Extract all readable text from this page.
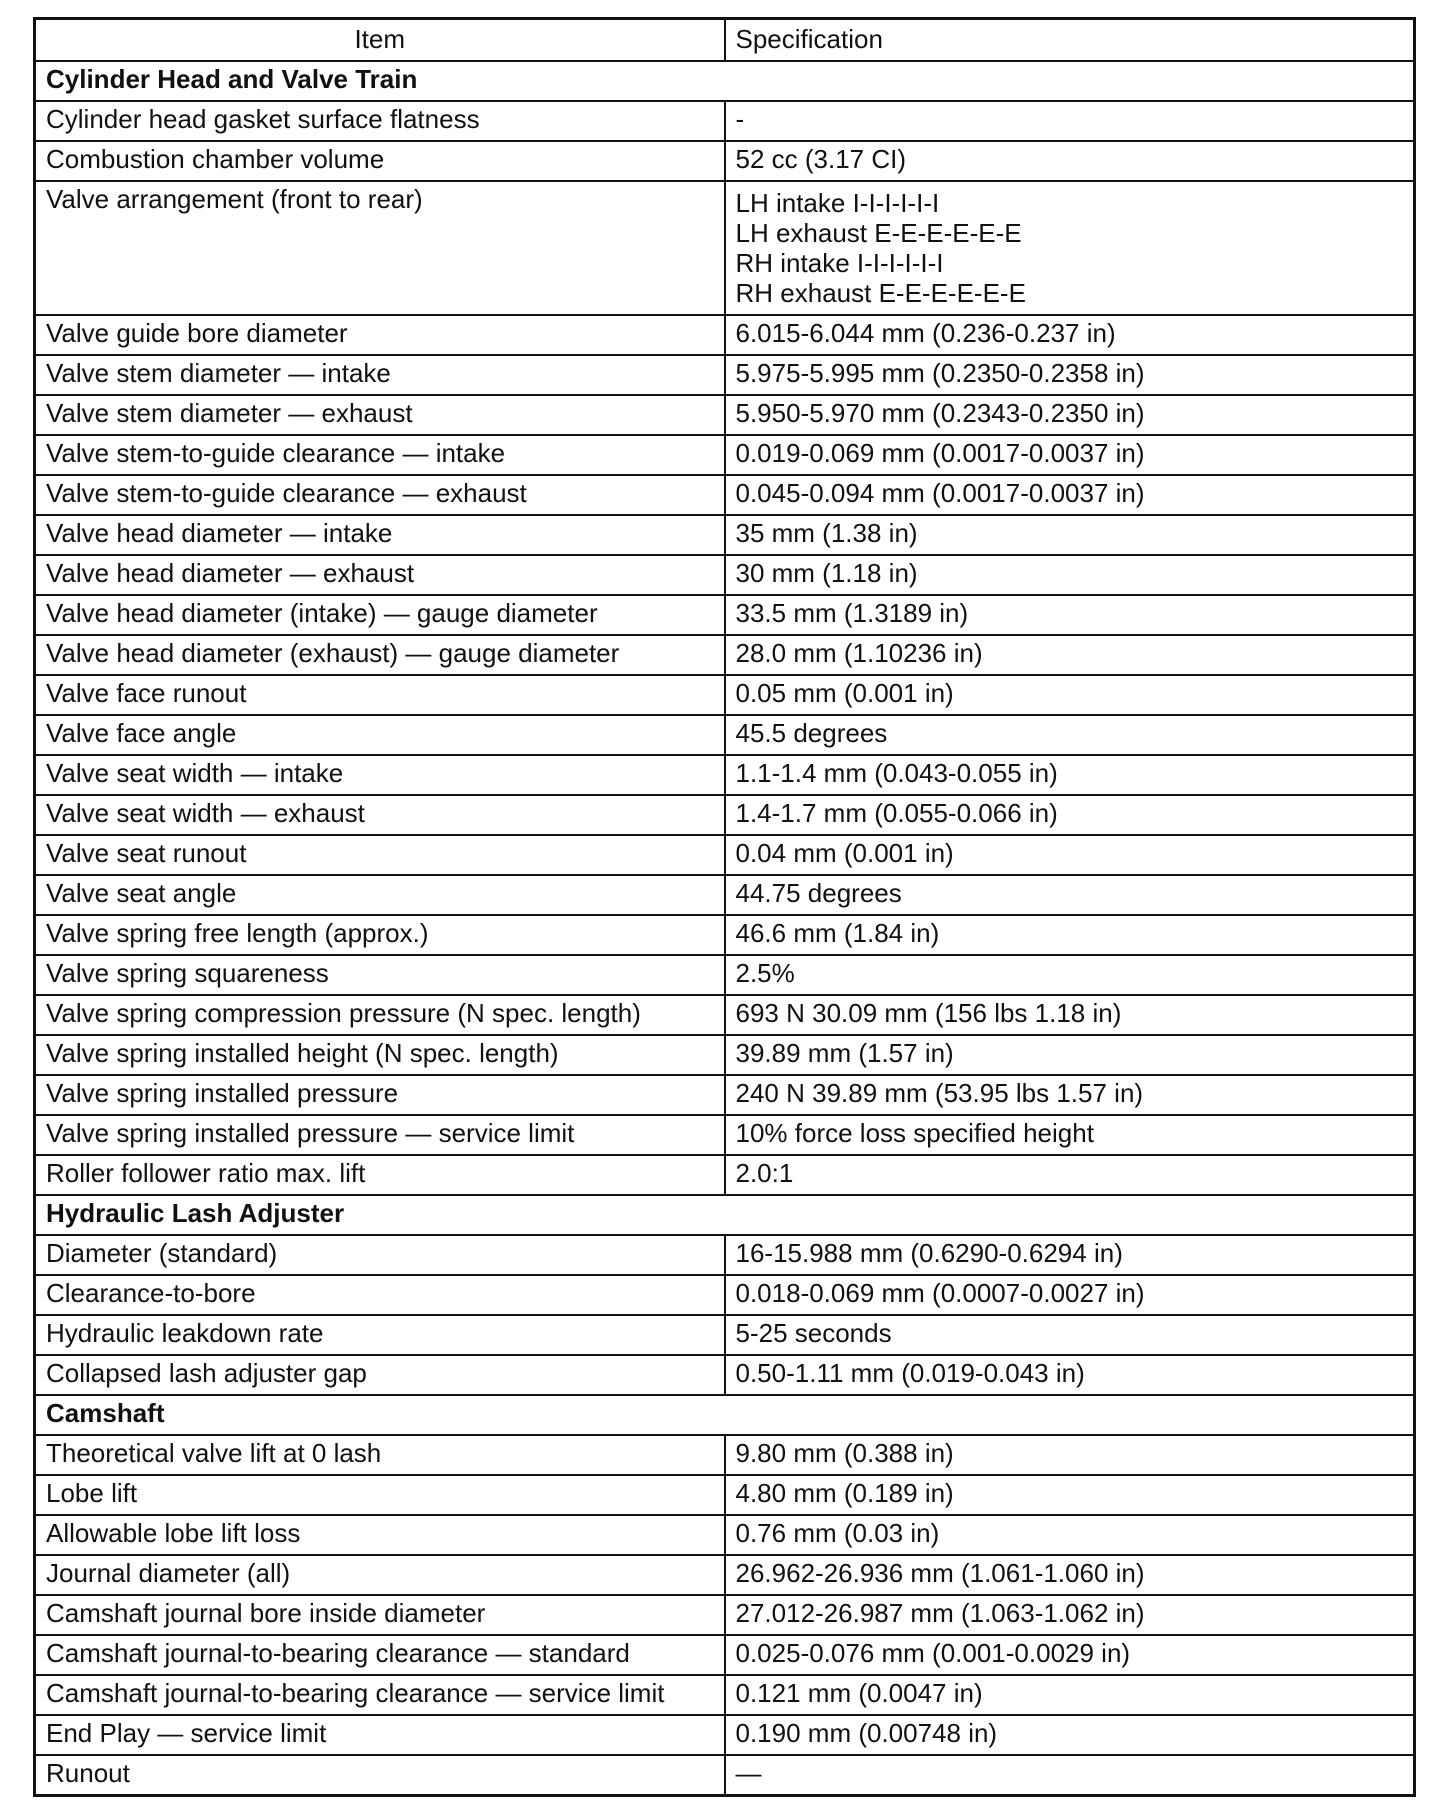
Item	Specification
Cylinder Head and Valve Train	
Cylinder head gasket surface flatness	-
Combustion chamber volume	52 cc (3.17 CI)
Valve arrangement (front to rear)	LH intake I-I-I-I-I-I
LH exhaust E-E-E-E-E-E
RH intake I-I-I-I-I-I
RH exhaust E-E-E-E-E-E
Valve guide bore diameter	6.015-6.044 mm (0.236-0.237 in)
Valve stem diameter — intake	5.975-5.995 mm (0.2350-0.2358 in)
Valve stem diameter — exhaust	5.950-5.970 mm (0.2343-0.2350 in)
Valve stem-to-guide clearance — intake	0.019-0.069 mm (0.0017-0.0037 in)
Valve stem-to-guide clearance — exhaust	0.045-0.094 mm (0.0017-0.0037 in)
Valve head diameter — intake	35 mm (1.38 in)
Valve head diameter — exhaust	30 mm (1.18 in)
Valve head diameter (intake) — gauge diameter	33.5 mm (1.3189 in)
Valve head diameter (exhaust) — gauge diameter	28.0 mm (1.10236 in)
Valve face runout	0.05 mm (0.001 in)
Valve face angle	45.5 degrees
Valve seat width — intake	1.1-1.4 mm (0.043-0.055 in)
Valve seat width — exhaust	1.4-1.7 mm (0.055-0.066 in)
Valve seat runout	0.04 mm (0.001 in)
Valve seat angle	44.75 degrees
Valve spring free length (approx.)	46.6 mm (1.84 in)
Valve spring squareness	2.5%
Valve spring compression pressure (N spec. length)	693 N 30.09 mm (156 lbs 1.18 in)
Valve spring installed height (N spec. length)	39.89 mm (1.57 in)
Valve spring installed pressure	240 N 39.89 mm (53.95 lbs 1.57 in)
Valve spring installed pressure — service limit	10% force loss specified height
Roller follower ratio max. lift	2.0:1
Hydraulic Lash Adjuster	
Diameter (standard)	16-15.988 mm (0.6290-0.6294 in)
Clearance-to-bore	0.018-0.069 mm (0.0007-0.0027 in)
Hydraulic leakdown rate	5-25 seconds
Collapsed lash adjuster gap	0.50-1.11 mm (0.019-0.043 in)
Camshaft	
Theoretical valve lift at 0 lash	9.80 mm (0.388 in)
Lobe lift	4.80 mm (0.189 in)
Allowable lobe lift loss	0.76 mm (0.03 in)
Journal diameter (all)	26.962-26.936 mm (1.061-1.060 in)
Camshaft journal bore inside diameter	27.012-26.987 mm (1.063-1.062 in)
Camshaft journal-to-bearing clearance — standard	0.025-0.076 mm (0.001-0.0029 in)
Camshaft journal-to-bearing clearance — service limit	0.121 mm (0.0047 in)
End Play — service limit	0.190 mm (0.00748 in)
Runout	—
